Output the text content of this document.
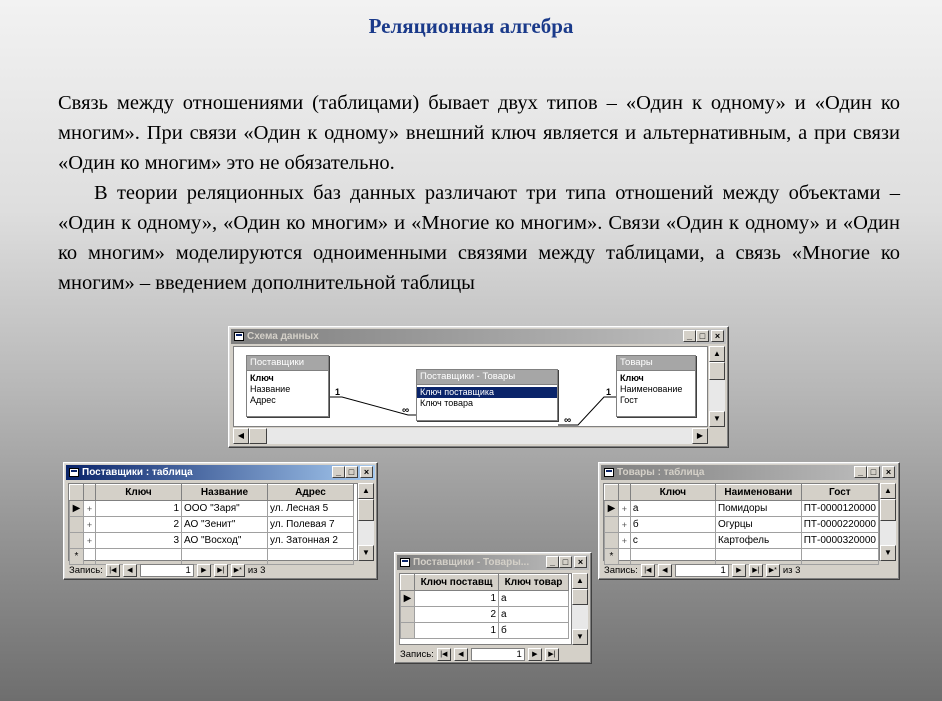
Реляционная алгебра

Связь между отношениями (таблицами) бывает двух типов – «Один к одному» и «Один ко многим». При связи «Один к одному» внешний ключ является и альтернативным, а при связи «Один ко многим» это не обязательно.

В теории реляционных баз данных различают три типа отношений между объектами – «Один к одному», «Один ко многим» и «Многие ко многим». Связи «Один к одному» и «Один ко многим» моделируются одноименными связями между таблицами, а связь «Многие ко многим» – введением дополнительной таблицы

Схема данных	_ □	×
1
∞
∞
1
Поставщики
Ключ
Название
Адрес
Поставщики - Товары
Ключ поставщика
Ключ товара
Товары
Ключ
Наименование
Гост
▲
▼
◀	▶
Поставщики : таблица	_ □	×
		Ключ	Название	Адрес
▶	+	1	ООО "Заря"	ул. Лесная 5
	+	2	АО "Зенит"	ул. Полевая 7
	+	3	АО "Восход"	ул. Затонная 2
*				
▲
▼
Запись: |◀	◀	1	▶	▶|	▶* из 3
Поставщики - Товары...	_ □	×
	Ключ поставщ	Ключ товар
▶	1	а
	2	а
	1	б
▲
▼
Запись: |◀	◀	1	▶	▶|
Товары : таблица	_ □	×
		Ключ	Наименовани	Гост
▶	+	а	Помидоры	ПТ-0000120000
	+	б	Огурцы	ПТ-0000220000
	+	с	Картофель	ПТ-0000320000
*				
▲
▼
Запись: |◀	◀	1	▶	▶|	▶* из 3
